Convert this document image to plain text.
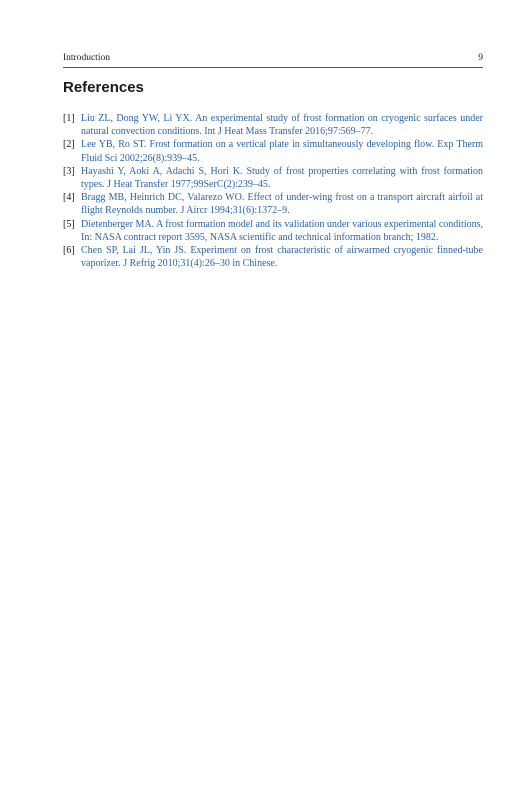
Introduction	9
References
[1] Liu ZL, Dong YW, Li YX. An experimental study of frost formation on cryogenic surfaces under natural convection conditions. Int J Heat Mass Transfer 2016;97:569–77.
[2] Lee YB, Ro ST. Frost formation on a vertical plate in simultaneously developing flow. Exp Therm Fluid Sci 2002;26(8):939–45.
[3] Hayashi Y, Aoki A, Adachi S, Hori K. Study of frost properties correlating with frost formation types. J Heat Transfer 1977;99SerC(2):239–45.
[4] Bragg MB, Heinrich DC, Valarezo WO. Effect of under-wing frost on a transport aircraft airfoil at flight Reynolds number. J Aircr 1994;31(6):1372–9.
[5] Dietenberger MA. A frost formation model and its validation under various experimental conditions, In: NASA contract report 3595, NASA scientific and technical information branch; 1982.
[6] Chen SP, Lai JL, Yin JS. Experiment on frost characteristic of airwarmed cryogenic finned-tube vaporizer. J Refrig 2010;31(4):26–30 in Chinese.
